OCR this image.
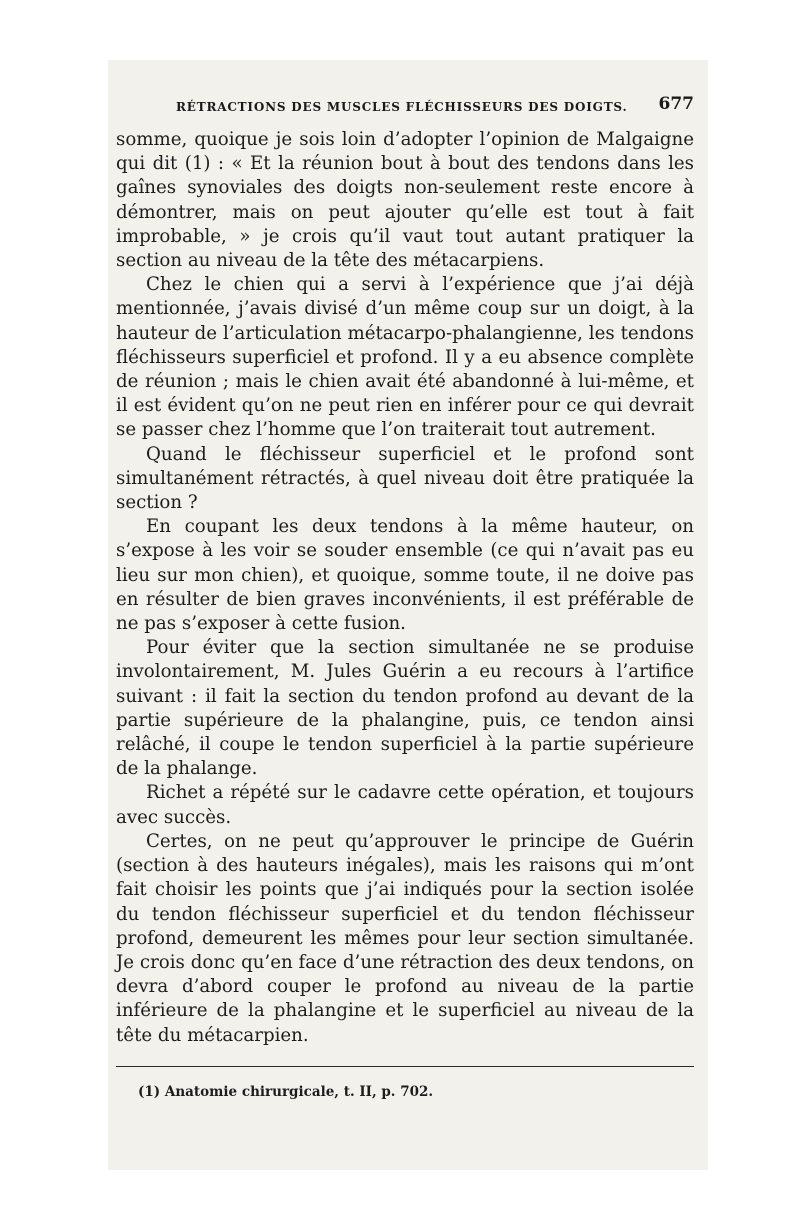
RÉTRACTIONS DES MUSCLES FLÉCHISSEURS DES DOIGTS. 677

somme, quoique je sois loin d’adopter l’opinion de Malgaigne qui dit (1) : « Et la réunion bout à bout des tendons dans les gaînes synoviales des doigts non-seulement reste encore à démontrer, mais on peut ajouter qu’elle est tout à fait improbable, » je crois qu’il vaut tout autant pratiquer la section au niveau de la tête des métacarpiens.

Chez le chien qui a servi à l’expérience que j’ai déjà mentionnée, j’avais divisé d’un même coup sur un doigt, à la hauteur de l’articulation métacarpo-phalangienne, les tendons fléchisseurs superficiel et profond. Il y a eu absence complète de réunion ; mais le chien avait été abandonné à lui-même, et il est évident qu’on ne peut rien en inférer pour ce qui devrait se passer chez l’homme que l’on traiterait tout autrement.

Quand le fléchisseur superficiel et le profond sont simultanément rétractés, à quel niveau doit être pratiquée la section ?

En coupant les deux tendons à la même hauteur, on s’expose à les voir se souder ensemble (ce qui n’avait pas eu lieu sur mon chien), et quoique, somme toute, il ne doive pas en résulter de bien graves inconvénients, il est préférable de ne pas s’exposer à cette fusion.

Pour éviter que la section simultanée ne se produise involontairement, M. Jules Guérin a eu recours à l’artifice suivant : il fait la section du tendon profond au devant de la partie supérieure de la phalangine, puis, ce tendon ainsi relâché, il coupe le tendon superficiel à la partie supérieure de la phalange.

Richet a répété sur le cadavre cette opération, et toujours avec succès.

Certes, on ne peut qu’approuver le principe de Guérin (section à des hauteurs inégales), mais les raisons qui m’ont fait choisir les points que j’ai indiqués pour la section isolée du tendon fléchisseur superficiel et du tendon fléchisseur profond, demeurent les mêmes pour leur section simultanée. Je crois donc qu’en face d’une rétraction des deux tendons, on devra d’abord couper le profond au niveau de la partie inférieure de la phalangine et le superficiel au niveau de la tête du métacarpien.

(1) Anatomie chirurgicale, t. II, p. 702.
